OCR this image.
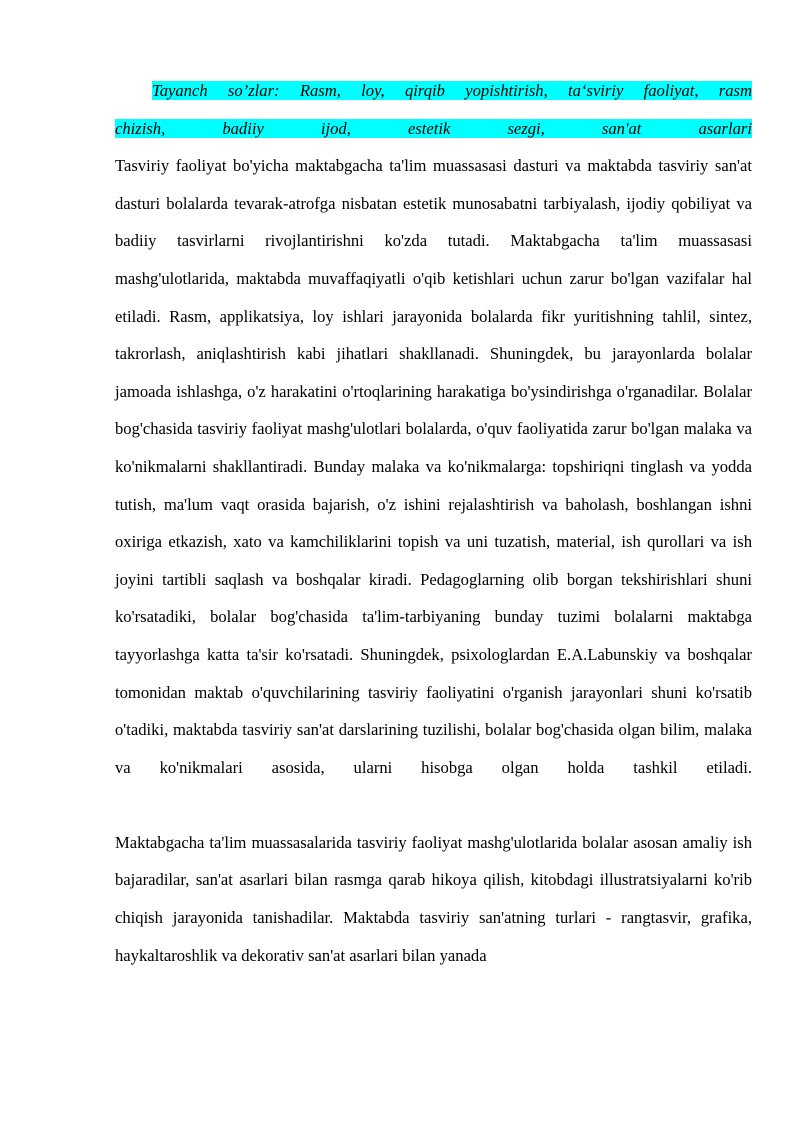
Tayanch so’zlar: Rasm, loy, qirqib yopishtirish, ta‘sviriy faoliyat, rasm
chizish, badiiy ijod, estetik sezgi, san'at asarlari

Tasviriy faoliyat bo'yicha maktabgacha ta'lim muassasasi dasturi va maktabda tasviriy san'at dasturi bolalarda tevarak-atrofga nisbatan estetik munosabatni tarbiyalash, ijodiy qobiliyat va badiiy tasvirlarni rivojlantirishni ko'zda tutadi. Maktabgacha ta'lim muassasasi mashg'ulotlarida, maktabda muvaffaqiyatli o'qib ketishlari uchun zarur bo'lgan vazifalar hal etiladi. Rasm, applikatsiya, loy ishlari jarayonida bolalarda fikr yuritishning tahlil, sintez, takrorlash, aniqlashtirish kabi jihatlari shakllanadi. Shuningdek, bu jarayonlarda bolalar jamoada ishlashga, o'z harakatini o'rtoqlarining harakatiga bo'ysindirishga o'rganadilar. Bolalar bog'chasida tasviriy faoliyat mashg'ulotlari bolalarda, o'quv faoliyatida zarur bo'lgan malaka va ko'nikmalarni shakllantiradi. Bunday malaka va ko'nikmalarga: topshiriqni tinglash va yodda tutish, ma'lum vaqt orasida bajarish, o'z ishini rejalashtirish va baholash, boshlangan ishni oxiriga etkazish, xato va kamchiliklarini topish va uni tuzatish, material, ish qurollari va ish joyini tartibli saqlash va boshqalar kiradi. Pedagoglarning olib borgan tekshirishlari shuni ko'rsatadiki, bolalar bog'chasida ta'lim-tarbiyaning bunday tuzimi bolalarni maktabga tayyorlashga katta ta'sir ko'rsatadi. Shuningdek, psixologlardan E.A.Labunskiy va boshqalar tomonidan maktab o'quvchilarining tasviriy faoliyatini o'rganish jarayonlari shuni ko'rsatib o'tadiki, maktabda tasviriy san'at darslarining tuzilishi, bolalar bog'chasida olgan bilim, malaka va ko'nikmalari asosida, ularni hisobga olgan holda tashkil etiladi.

Maktabgacha ta'lim muassasalarida tasviriy faoliyat mashg'ulotlarida bolalar asosan amaliy ish bajaradilar, san'at asarlari bilan rasmga qarab hikoya qilish, kitobdagi illustratsiyalarni ko'rib chiqish jarayonida tanishadilar. Maktabda tasviriy san'atning turlari - rangtasvir, grafika, haykaltaroshlik va dekorativ san'at asarlari bilan yanada
